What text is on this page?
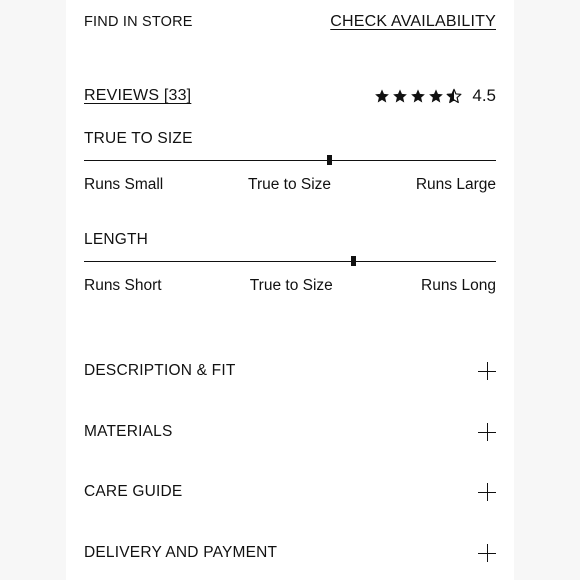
FIND IN STORE	CHECK AVAILABILITY
REVIEWS [33]	4.5
TRUE TO SIZE
Runs Small	True to Size	Runs Large
LENGTH
Runs Short	True to Size	Runs Long
DESCRIPTION & FIT
MATERIALS
CARE GUIDE
DELIVERY AND PAYMENT
